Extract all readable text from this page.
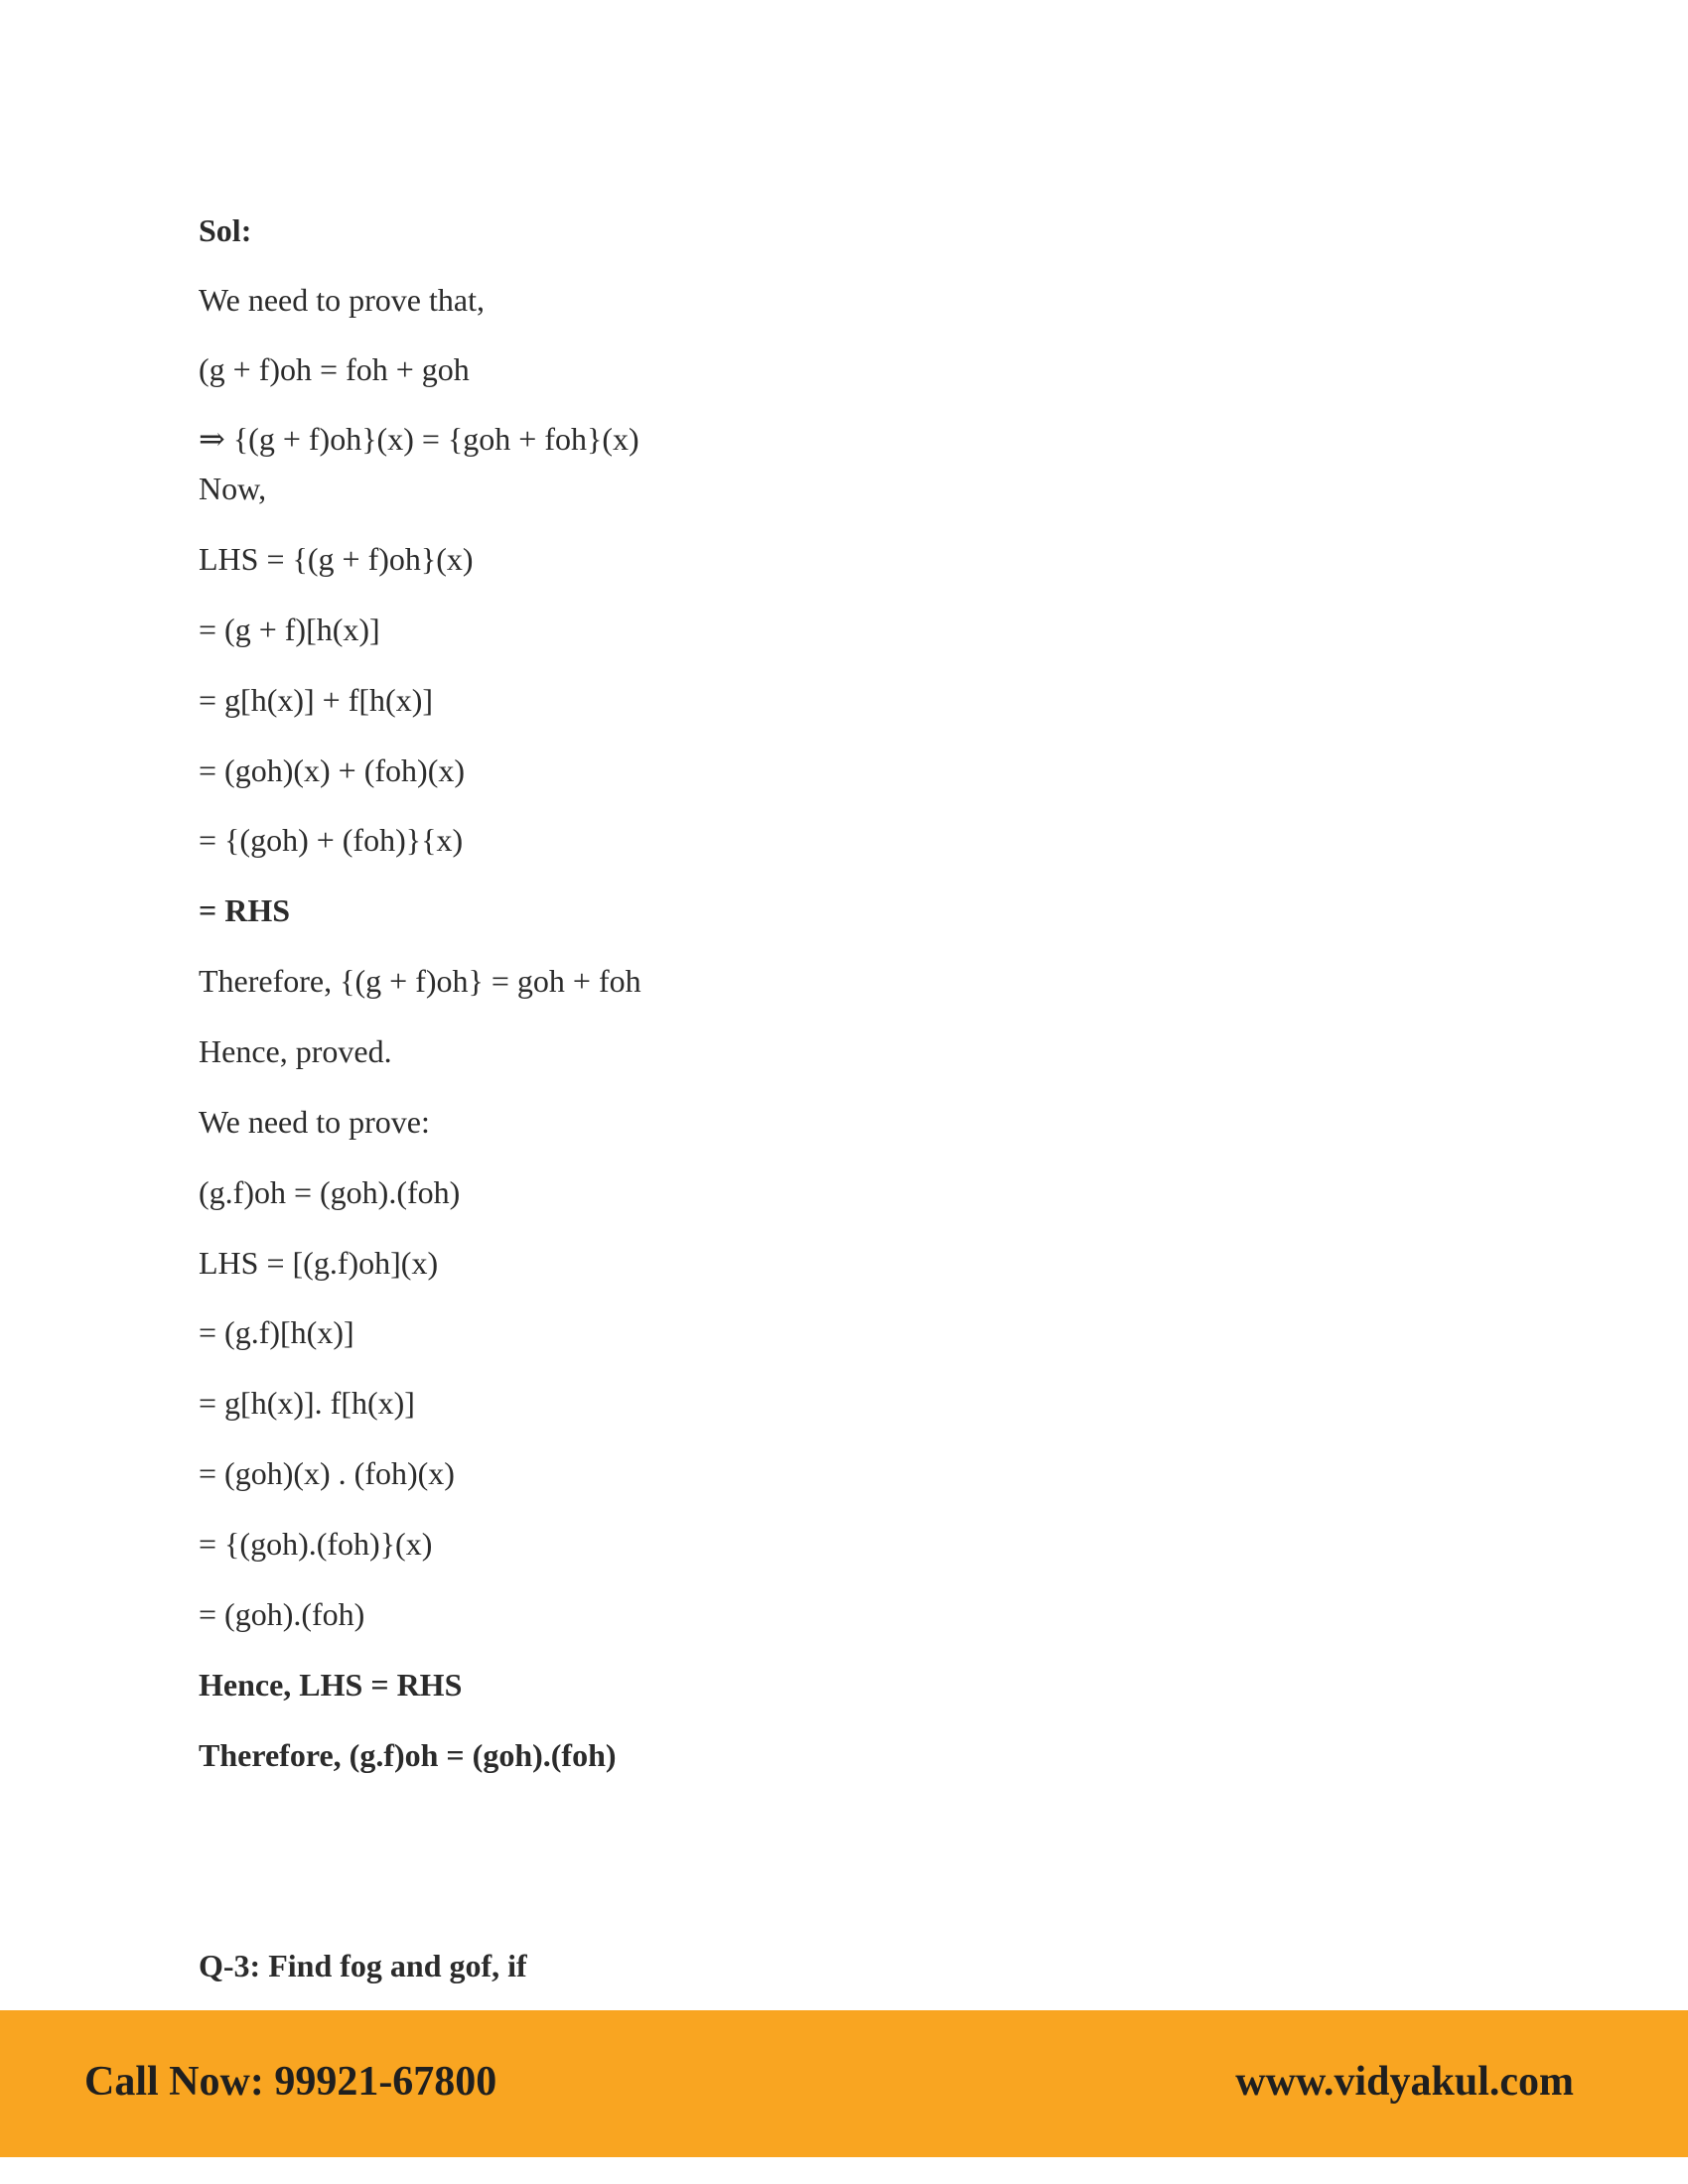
Sol:
We need to prove that,
(g + f)oh = foh + goh
⇒ {(g + f)oh}(x) = {goh + foh}(x)
Now,
LHS = {(g + f)oh}(x)
= (g + f)[h(x)]
= g[h(x)] + f[h(x)]
= (goh)(x) + (foh)(x)
= {(goh) + (foh)}{x)
= RHS
Therefore, {(g + f)oh} = goh + foh
Hence, proved.
We need to prove:
(g.f)oh = (goh).(foh)
LHS = [(g.f)oh](x)
= (g.f)[h(x)]
= g[h(x)]. f[h(x)]
= (goh)(x) . (foh)(x)
= {(goh).(foh)}(x)
= (goh).(foh)
Hence, LHS = RHS
Therefore, (g.f)oh = (goh).(foh)
Q-3: Find fog and gof, if
Call Now: 99921-67800	www.vidyakul.com
